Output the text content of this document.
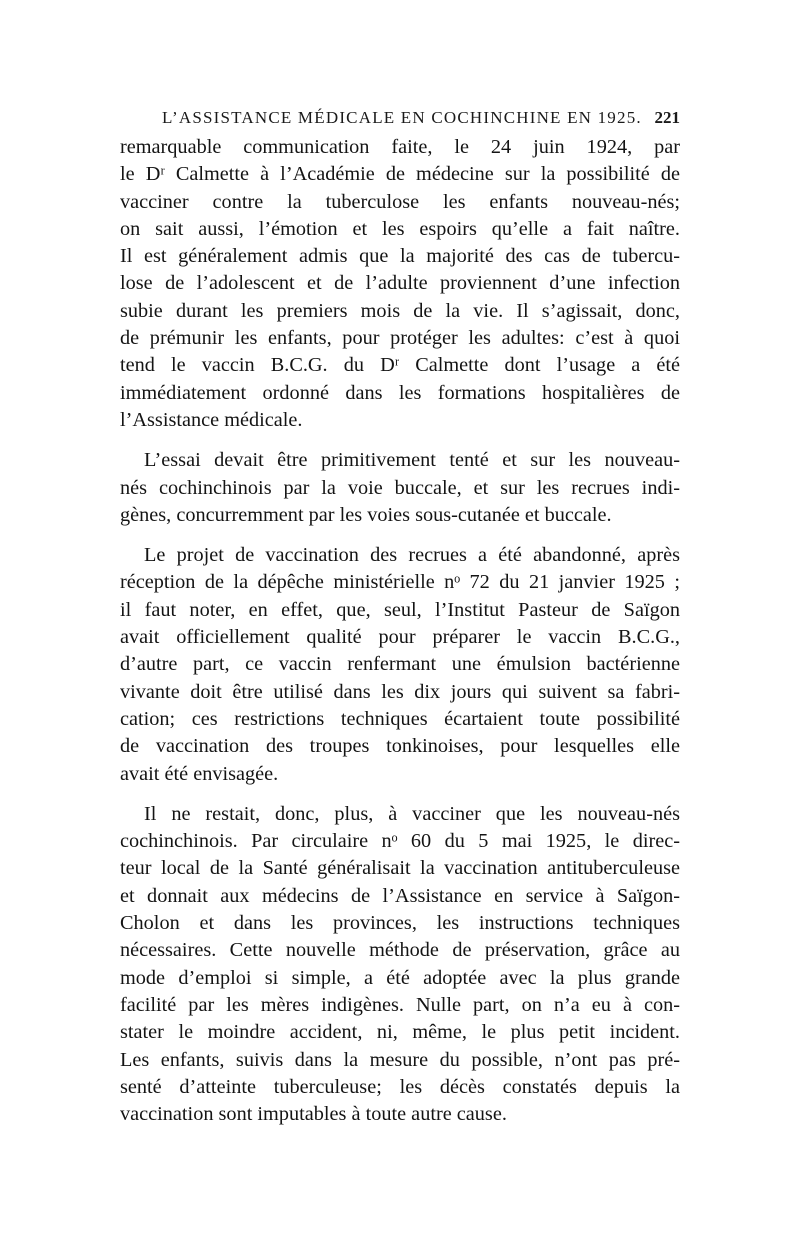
L’ASSISTANCE MÉDICALE EN COCHINCHINE EN 1925. 221

remarquable communication faite, le 24 juin 1924, par
le Dʳ Calmette à l’Académie de médecine sur la possibilité de
vacciner contre la tuberculose les enfants nouveau-nés;
on sait aussi, l’émotion et les espoirs qu’elle a fait naître.
Il est généralement admis que la majorité des cas de tubercu-
lose de l’adolescent et de l’adulte proviennent d’une infection
subie durant les premiers mois de la vie. Il s’agissait, donc,
de prémunir les enfants, pour protéger les adultes: c’est à quoi
tend le vaccin B.C.G. du Dʳ Calmette dont l’usage a été
immédiatement ordonné dans les formations hospitalières de
l’Assistance médicale.

L’essai devait être primitivement tenté et sur les nouveau-
nés cochinchinois par la voie buccale, et sur les recrues indi-
gènes, concurremment par les voies sous-cutanée et buccale.

Le projet de vaccination des recrues a été abandonné, après
réception de la dépêche ministérielle nᵒ 72 du 21 janvier 1925 ;
il faut noter, en effet, que, seul, l’Institut Pasteur de Saïgon
avait officiellement qualité pour préparer le vaccin B.C.G.,
d’autre part, ce vaccin renfermant une émulsion bactérienne
vivante doit être utilisé dans les dix jours qui suivent sa fabri-
cation; ces restrictions techniques écartaient toute possibilité
de vaccination des troupes tonkinoises, pour lesquelles elle
avait été envisagée.

Il ne restait, donc, plus, à vacciner que les nouveau-nés
cochinchinois. Par circulaire nᵒ 60 du 5 mai 1925, le direc-
teur local de la Santé généralisait la vaccination antituberculeuse
et donnait aux médecins de l’Assistance en service à Saïgon-
Cholon et dans les provinces, les instructions techniques
nécessaires. Cette nouvelle méthode de préservation, grâce au
mode d’emploi si simple, a été adoptée avec la plus grande
facilité par les mères indigènes. Nulle part, on n’a eu à con-
stater le moindre accident, ni, même, le plus petit incident.
Les enfants, suivis dans la mesure du possible, n’ont pas pré-
senté d’atteinte tuberculeuse; les décès constatés depuis la
vaccination sont imputables à toute autre cause.
